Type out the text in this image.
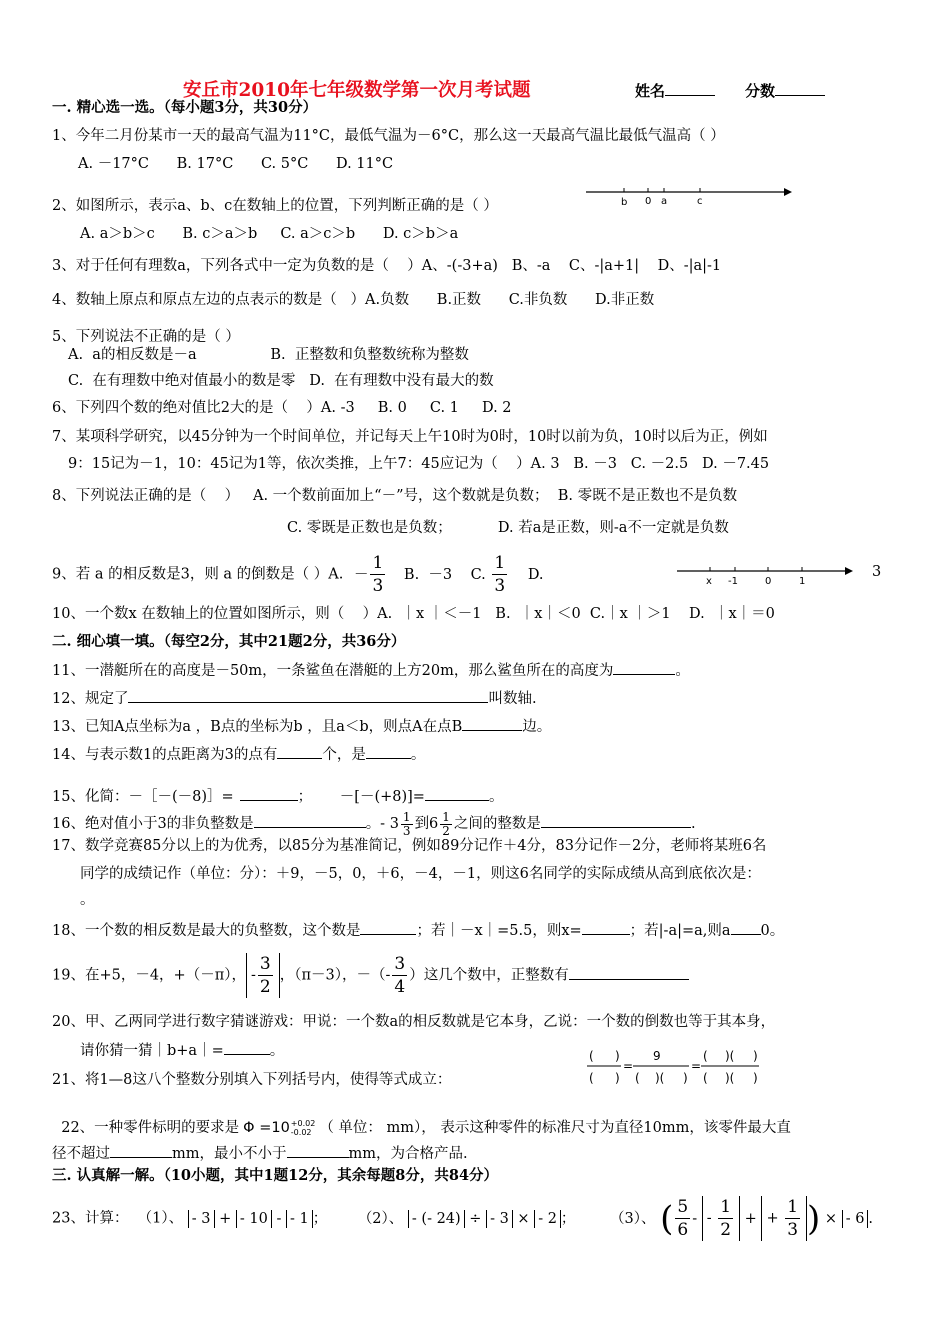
安丘市2010年七年级数学第一次月考试题	姓名	分数
一. 精心选一选。（每小题3分，共30分）
1、今年二月份某市一天的最高气温为11°C，最低气温为－6°C，那么这一天最高气温比最低气温高（ ）
A. －17°C      B. 17°C      C. 5°C      D. 11°C
2、如图所示，表示a、b、c在数轴上的位置，下列判断正确的是（ ）	b 0 a	c
A. a＞b＞c      B. c＞a＞b     C. a＞c＞b      D. c＞b＞a
3、对于任何有理数a，下列各式中一定为负数的是（    ）A、-(-3+a)   B、-a    C、-|a+1|    D、-|a|-1
4、数轴上原点和原点左边的点表示的数是（   ）A.负数      B.正数      C.非负数      D.非正数
5、下列说法不正确的是（ ）
A.  a的相反数是－a                B.  正整数和负整数统称为整数
C.  在有理数中绝对值最小的数是零   D.  在有理数中没有最大的数
6、下列四个数的绝对值比2大的是（    ）A. -3     B. 0     C. 1     D. 2
7、某项科学研究，以45分钟为一个时间单位，并记每天上午10时为0时，10时以前为负，10时以后为正，例如
9：15记为－1，10：45记为1等，依次类推，上午7：45应记为（    ）A. 3   B. －3   C. －2.5   D. －7.45
8、下列说法正确的是（    ）   A. 一个数前面加上“－”号，这个数就是负数；  B. 零既不是正数也不是负数
C. 零既是正数也是负数；          D. 若a是正数，则-a不一定就是负数
9、若 a 的相反数是3，则 a 的倒数是（ ）A. － $\frac{1}{3} B$.  －3    C. $\frac{1}{3} D$.	x -1	0	1
3
10、一个数x 在数轴上的位置如图所示，则（    ）A.  ｜x ｜＜－1   B.  ｜x｜＜0  C.｜x ｜＞1    D.  ｜x｜＝0
二. 细心填一填。（每空2分，其中21题2分，共36分）
11、一潜艇所在的高度是－50m，一条鲨鱼在潜艇的上方20m，那么鲨鱼所在的高度为	。
12、规定了	叫数轴.
13、已知A点坐标为a ，B点的坐标为b ，且a＜b，则点A在点B	边。
14、与表示数1的点距离为3的点有	个，是	。
15、化简：－［－(－8)］=	；      －[－(+8)]=	。
16、绝对值小于3的非负整数是	。- $3 \frac{1}{3}$ 到$6 \frac{1}{2}$ 之间的整数是	.
17、数学竞赛85分以上的为优秀，以85分为基准简记，例如89分记作＋4分，83分记作－2分，老师将某班6名
同学的成绩记作（单位：分）：＋9，－5，0，＋6，－4，－1，则这6名同学的实际成绩从高到底依次是：
。
18、一个数的相反数是最大的负整数，这个数是	；若｜－x｜=5.5，则x=	；若|-a|=a,则a 0。
19、在+5，－4，+（－π）， - $\frac{3}{2}$ ，（π－3），－（- $\frac{3}{4}$ ）这几个数中，正整数有
20、甲、乙两同学进行数字猜谜游戏：甲说：一个数a的相反数就是它本身，乙说：一个数的倒数也等于其本身，
请你猜一猜｜b+a｜=	。
21、将1—8这八个整数分别填入下列括号内，使得等式成立：
( )
( )
=
9
( )( )
=
( )( )
( )( )

22、一种零件标明的要求是 Φ =10 +0.02
-0.02 （ 单位： mm）， 表示这种零件的标准尺寸为直径10mm，该零件最大直

径不超过	mm，最小不小于	mm，为合格产品.
三. 认真解一解。（10小题，其中1题12分，其余每题8分，共84分）
23、计算：  （1）、 - 3 + - 10 - - 1 ； （2）、 - (- 24) ÷ - 3 × - 2 ； （3）、 ( $\frac{5}{6}$ - - $\frac{1}{2}$ + + $\frac{1}{3}$ ) × - 6 .
